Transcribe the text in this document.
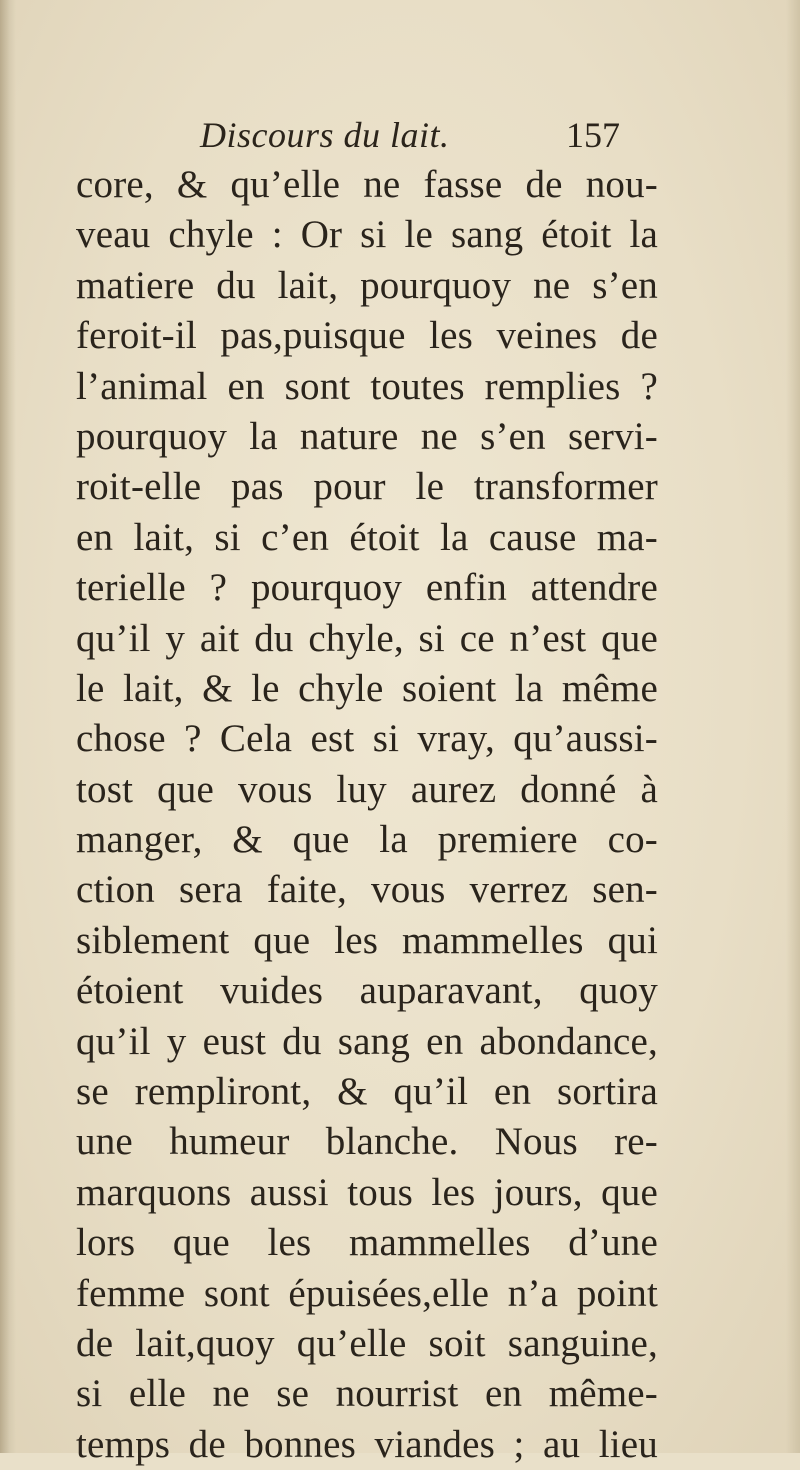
Discours du lait.	157
core, & qu’elle ne fasse de nou-
veau chyle : Or si le sang étoit la
matiere du lait, pourquoy ne s’en
feroit-il pas,puisque les veines de
l’animal en sont toutes remplies ?
pourquoy la nature ne s’en servi-
roit-elle pas pour le transformer
en lait, si c’en étoit la cause ma-
terielle ? pourquoy enfin attendre
qu’il y ait du chyle, si ce n’est que
le lait, & le chyle soient la même
chose ? Cela est si vray, qu’aussi-
tost que vous luy aurez donné à
manger, & que la premiere co-
ction sera faite, vous verrez sen-
siblement que les mammelles qui
étoient vuides auparavant, quoy
qu’il y eust du sang en abondance,
se rempliront, & qu’il en sortira
une humeur blanche. Nous re-
marquons aussi tous les jours, que
lors que les mammelles d’une
femme sont épuisées,elle n’a point
de lait,quoy qu’elle soit sanguine,
si elle ne se nourrist en même-
temps de bonnes viandes ; au lieu
